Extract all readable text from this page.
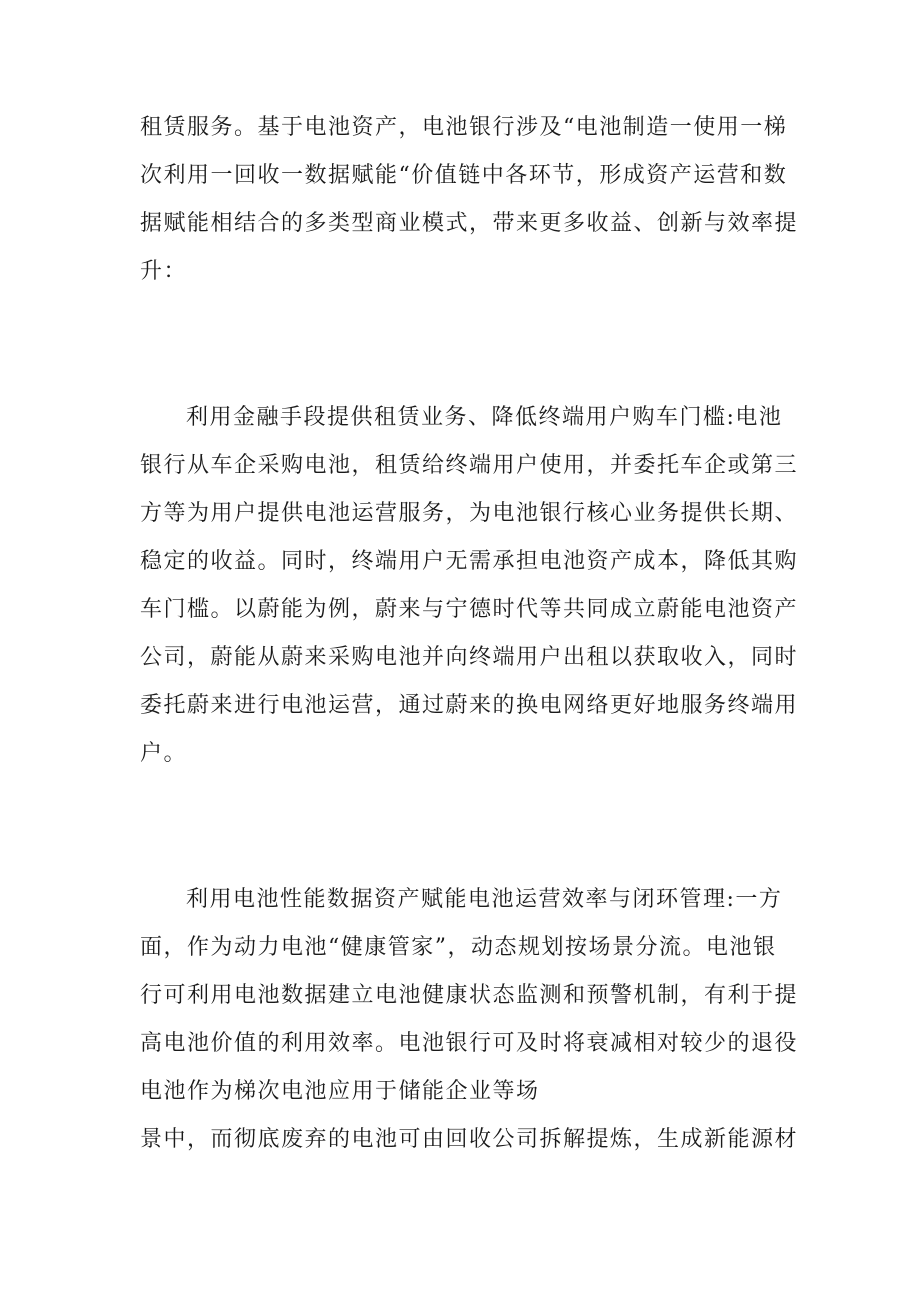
租赁服务。基于电池资产，电池银行涉及“电池制造一使用一梯
次利用一回收一数据赋能“价值链中各环节，形成资产运营和数
据赋能相结合的多类型商业模式，带来更多收益、创新与效率提
升：
利用金融手段提供租赁业务、降低终端用户购车门槛:电池
银行从车企采购电池，租赁给终端用户使用，并委托车企或第三
方等为用户提供电池运营服务，为电池银行核心业务提供长期、
稳定的收益。同时，终端用户无需承担电池资产成本，降低其购
车门槛。以蔚能为例，蔚来与宁德时代等共同成立蔚能电池资产
公司，蔚能从蔚来采购电池并向终端用户出租以获取收入，同时
委托蔚来进行电池运营，通过蔚来的换电网络更好地服务终端用
户。
利用电池性能数据资产赋能电池运营效率与闭环管理:一方
面，作为动力电池“健康管家”，动态规划按场景分流。电池银
行可利用电池数据建立电池健康状态监测和预警机制，有利于提
高电池价值的利用效率。电池银行可及时将衰减相对较少的退役
电池作为梯次电池应用于储能企业等场
景中，而彻底废弃的电池可由回收公司拆解提炼，生成新能源材
